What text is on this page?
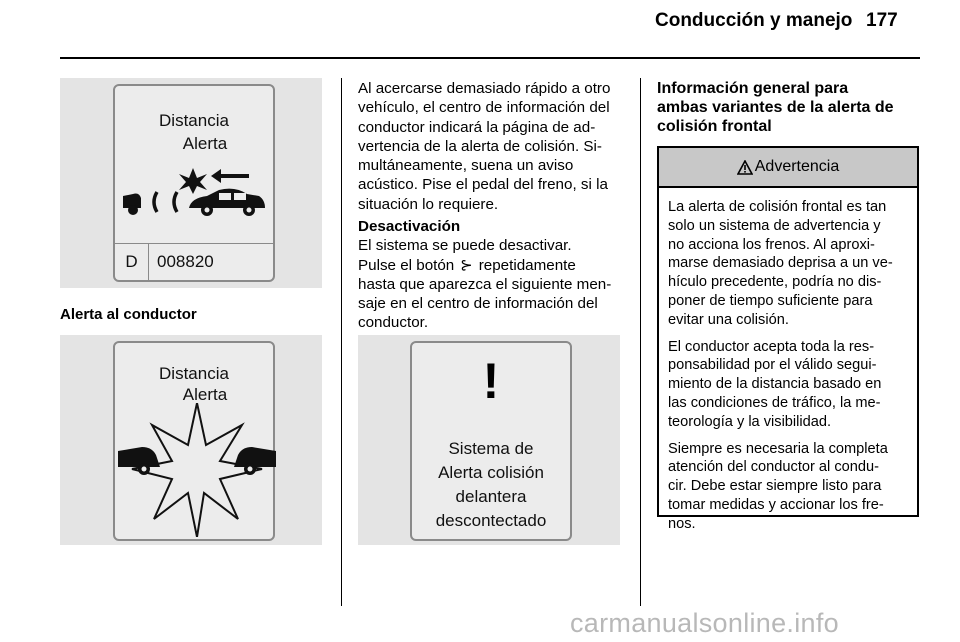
Conducción y manejo 177
Distancia
Alerta
D	008820
Alerta al conductor
Distancia
Alerta
Al acercarse demasiado rápido a otro
vehículo, el centro de información del
conductor indicará la página de ad-
vertencia de la alerta de colisión. Si-
multáneamente, suena un aviso
acústico. Pise el pedal del freno, si la
situación lo requiere.
Desactivación
El sistema se puede desactivar.
Pulse el botón ⊱ repetidamente
hasta que aparezca el siguiente men-
saje en el centro de información del
conductor.
!
Sistema de
Alerta colisión
delantera
descontectado
Información general para
ambas variantes de la alerta de
colisión frontal
Advertencia

La alerta de colisión frontal es tan
solo un sistema de advertencia y
no acciona los frenos. Al aproxi-
marse demasiado deprisa a un ve-
hículo precedente, podría no dis-
poner de tiempo suficiente para
evitar una colisión.

El conductor acepta toda la res-
ponsabilidad por el válido segui-
miento de la distancia basado en
las condiciones de tráfico, la me-
teorología y la visibilidad.

Siempre es necesaria la completa
atención del conductor al condu-
cir. Debe estar siempre listo para
tomar medidas y accionar los fre-
nos.

carmanualsonline.info
